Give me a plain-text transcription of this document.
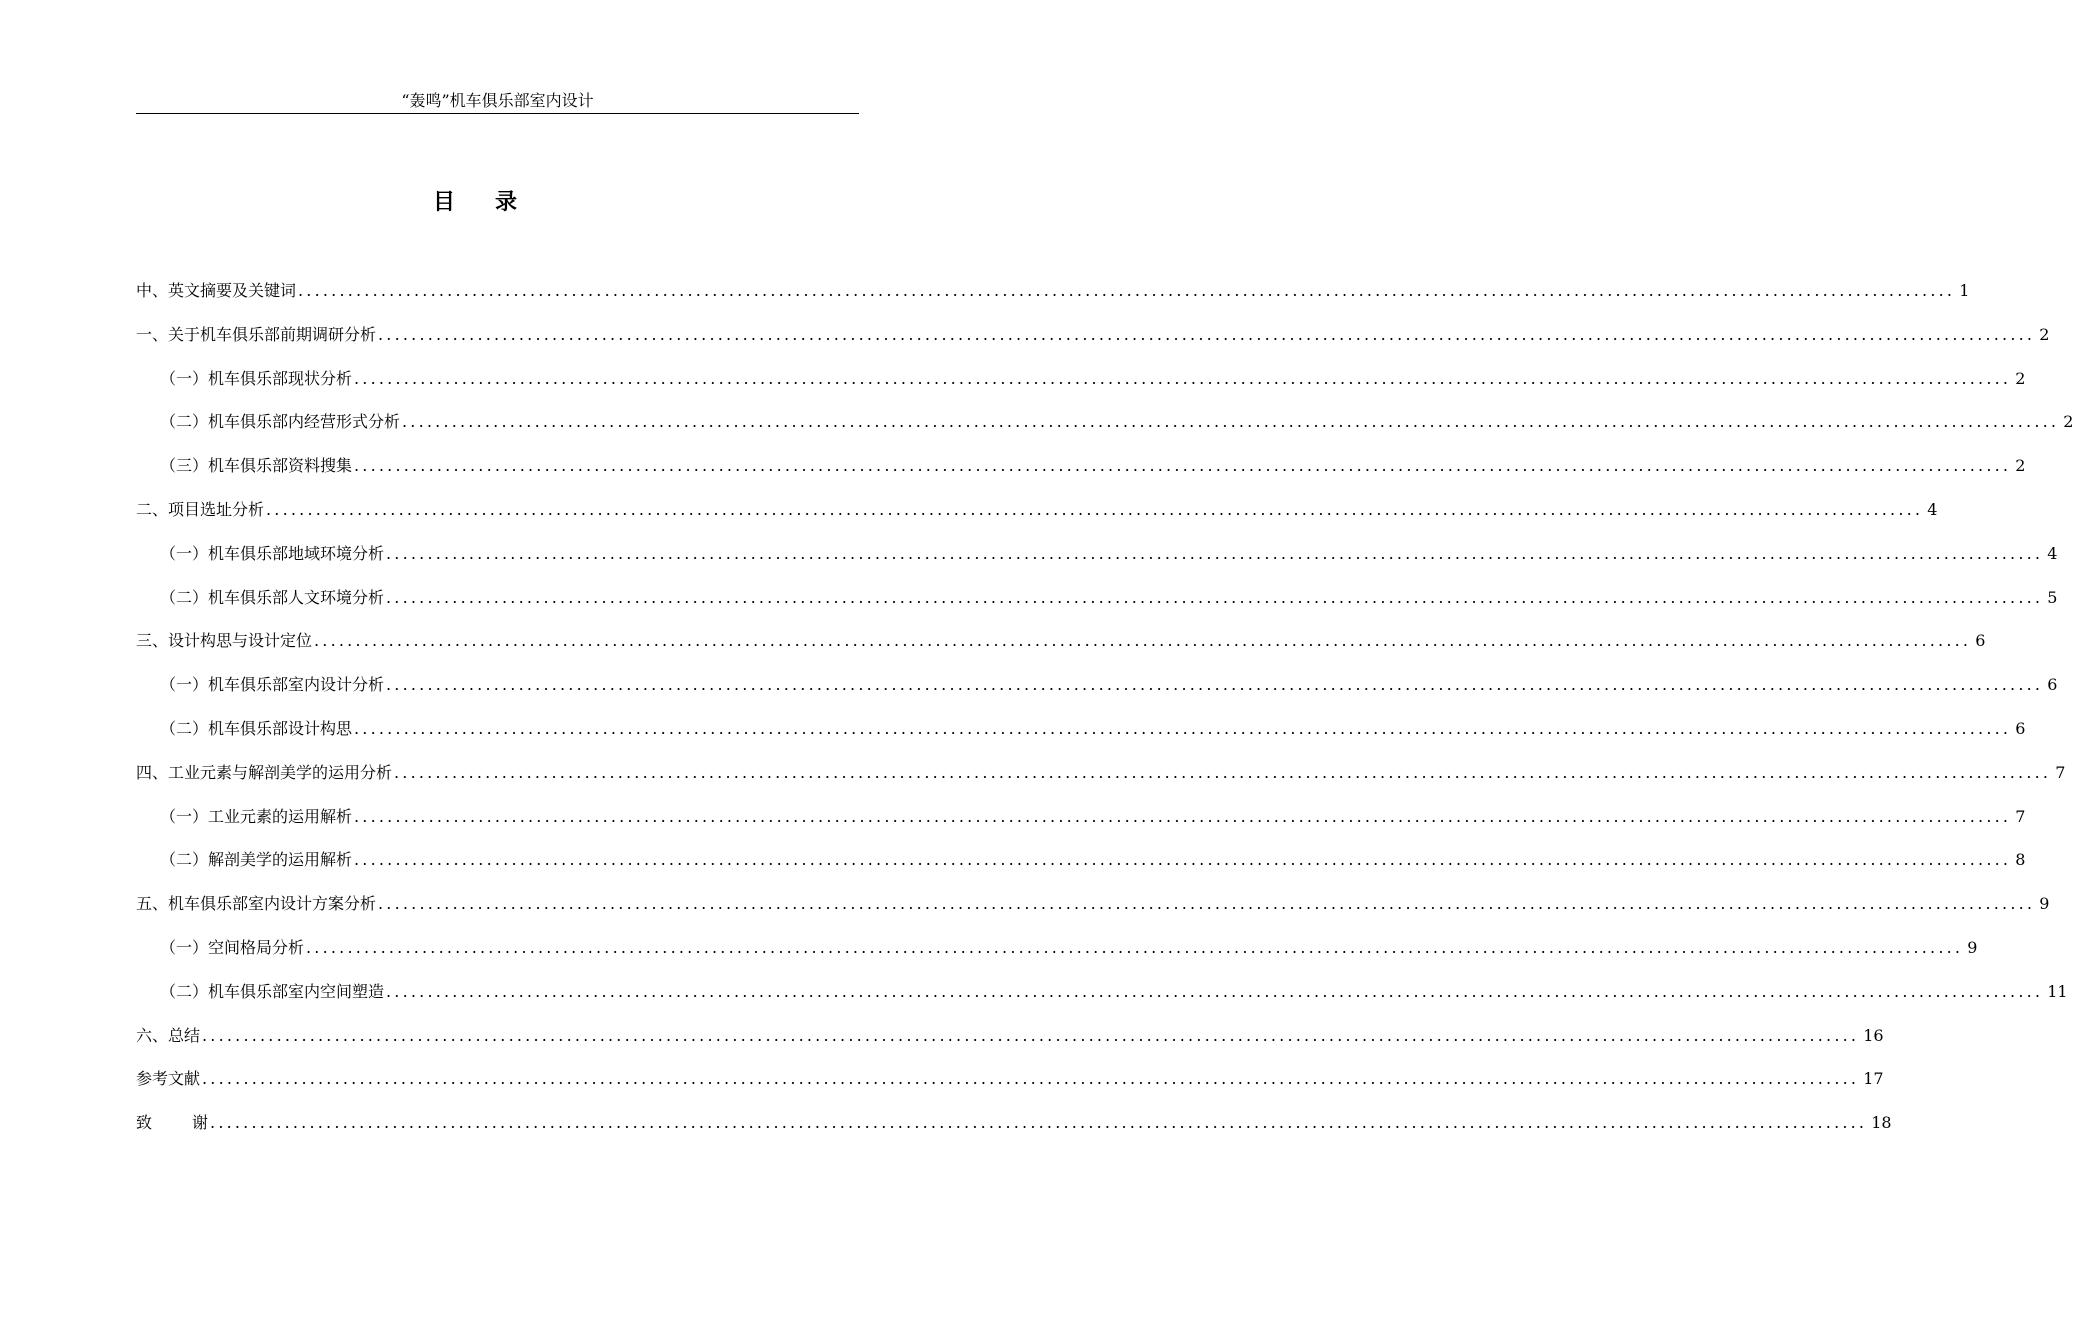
“轰鸣”机车俱乐部室内设计
目 录
中、英文摘要及关键词 ........................................................................................................................................................................................................ 1
一、关于机车俱乐部前期调研分析 ........................................................................................................................................................................................................ 2
（一）机车俱乐部现状分析 ........................................................................................................................................................................................................ 2
（二）机车俱乐部内经营形式分析 ........................................................................................................................................................................................................ 2
（三）机车俱乐部资料搜集 ........................................................................................................................................................................................................ 2
二、项目选址分析 ........................................................................................................................................................................................................ 4
（一）机车俱乐部地域环境分析 ........................................................................................................................................................................................................ 4
（二）机车俱乐部人文环境分析 ........................................................................................................................................................................................................ 5
三、设计构思与设计定位 ........................................................................................................................................................................................................ 6
（一）机车俱乐部室内设计分析 ........................................................................................................................................................................................................ 6
（二）机车俱乐部设计构思 ........................................................................................................................................................................................................ 6
四、工业元素与解剖美学的运用分析 ........................................................................................................................................................................................................ 7
（一）工业元素的运用解析 ........................................................................................................................................................................................................ 7
（二）解剖美学的运用解析 ........................................................................................................................................................................................................ 8
五、机车俱乐部室内设计方案分析 ........................................................................................................................................................................................................ 9
（一）空间格局分析 ........................................................................................................................................................................................................ 9
（二）机车俱乐部室内空间塑造 ........................................................................................................................................................................................................ 11
六、总结 ........................................................................................................................................................................................................ 16
参考文献 ........................................................................................................................................................................................................ 17
致	谢 ........................................................................................................................................................................................................ 18
